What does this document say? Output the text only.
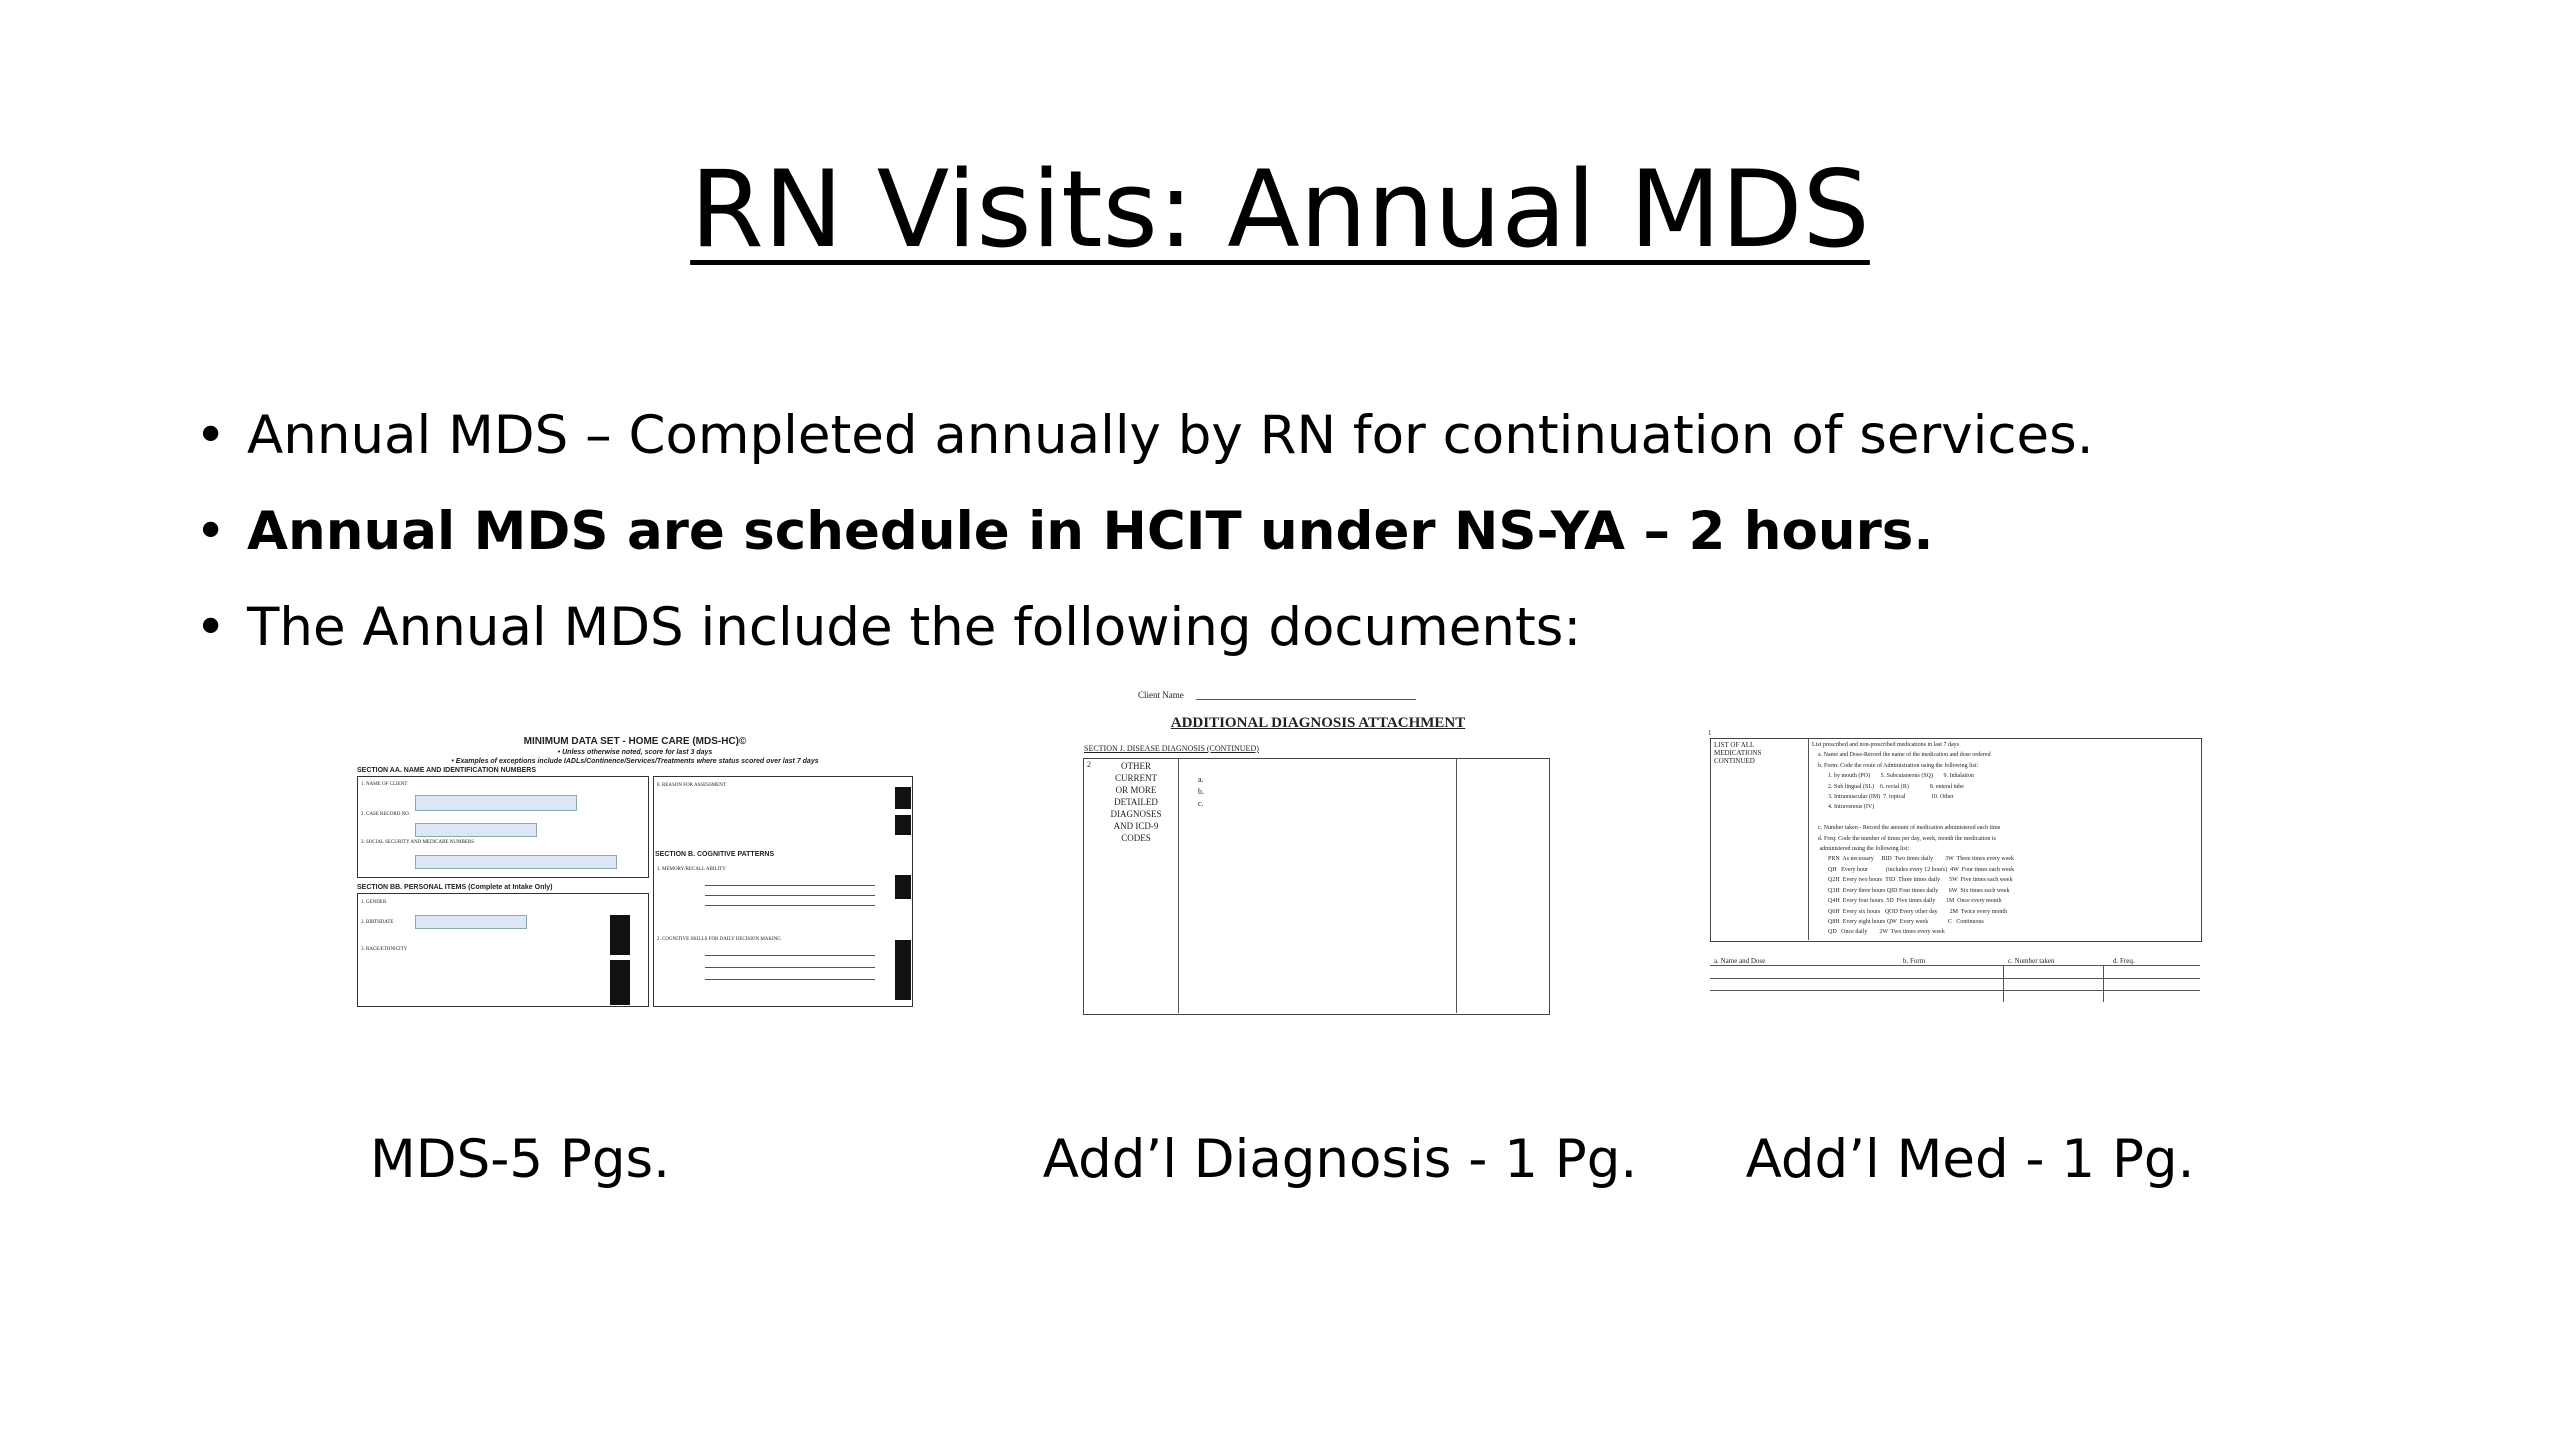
RN Visits: Annual MDS
• Annual MDS – Completed annually by RN for continuation of services.
• Annual MDS are schedule in HCIT under NS-YA – 2 hours.
• The Annual MDS include the following documents:
MINIMUM DATA SET - HOME CARE (MDS-HC)©
• Unless otherwise noted, score for last 3 days
• Examples of exceptions include IADLs/Continence/Services/Treatments where status scored over last 7 days
SECTION AA. NAME AND IDENTIFICATION NUMBERS
1. NAME OF CLIENT
2. CASE RECORD NO.
3. SOCIAL SECURITY AND MEDICARE NUMBERS
SECTION BB. PERSONAL ITEMS (Complete at Intake Only)
1. GENDER
2. BIRTHDATE
3. RACE/ETHNICITY
8. REASON FOR ASSESSMENT
SECTION B. COGNITIVE PATTERNS
1. MEMORY/RECALL ABILITY
2. COGNITIVE SKILLS FOR DAILY DECISION MAKING
Client Name
ADDITIONAL DIAGNOSIS ATTACHMENT
SECTION J. DISEASE DIAGNOSIS (CONTINUED)
2	OTHER
CURRENT
OR MORE
DETAILED
DIAGNOSES
AND ICD-9
CODES
a.
b.
c.
1
LIST OF ALL
MEDICATIONS
CONTINUED
List prescribed and non-prescribed medications in last 7 days
a. Name and Dose-Record the name of the medication and dose ordered
b. Form: Code the route of Administration using the following list:
1. by mouth (PO)       5. Subcutaneous (SQ)       9. Inhalation
2. Sub lingual (SL)    6. rectal (R)              8. enteral tube
3. Intramuscular (IM)  7. topical                 10. Other
4. Intravenous (IV)

c. Number taken - Record the amount of medication administered each time
d. Freq: Code the number of times per day, week, month the medication is
administered using the following list:
PRN  As necessary     BID  Two times daily        3W  Three times every week
QH   Every hour            (includes every 12 hours)  4W  Four times each week
Q2H  Every two hours  TID  Three times daily      5W  Five times each week
Q3H  Every three hours QID Four times daily       6W  Six times each week
Q4H  Every four hours  5D  Five times daily       1M  Once every month
Q6H  Every six hours   QOD Every other day        2M  Twice every month
Q8H  Every eight hours QW  Every week             C   Continuous
QD   Once daily        2W  Two times every week
a. Name and Dose	b. Form	c. Number taken	d. Freq.
MDS-5 Pgs.	Add’l Diagnosis - 1 Pg.	Add’l Med - 1 Pg.
